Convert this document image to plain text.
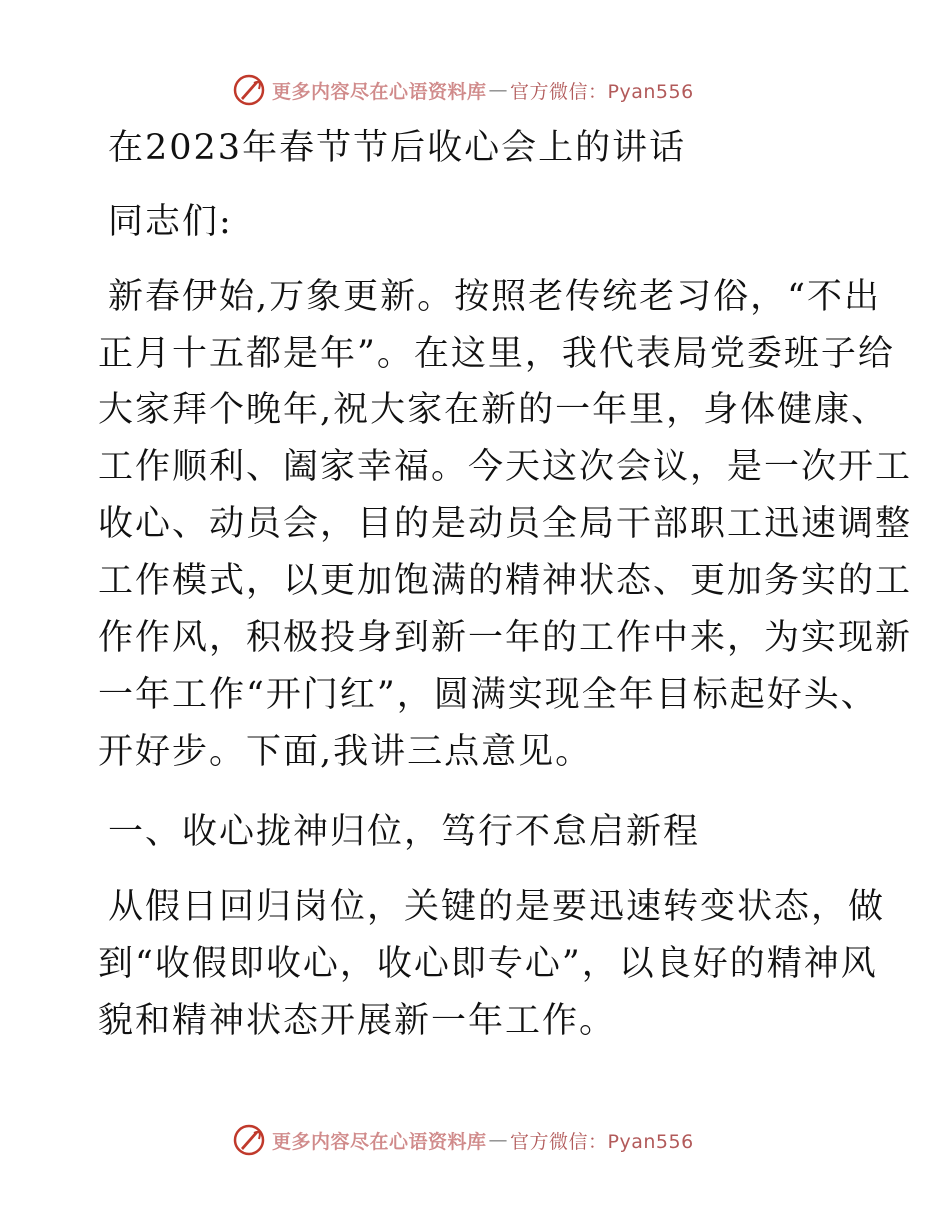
更多内容尽在心语资料库 — 官方微信：Pyan556
在2023年春节节后收心会上的讲话
同志们:
新春伊始,万象更新。按照老传统老习俗，“不出
正月十五都是年”。在这里，我代表局党委班子给
大家拜个晚年,祝大家在新的一年里，身体健康、
工作顺利、阖家幸福。今天这次会议，是一次开工
收心、动员会，目的是动员全局干部职工迅速调整
工作模式，以更加饱满的精神状态、更加务实的工
作作风，积极投身到新一年的工作中来，为实现新
一年工作“开门红”，圆满实现全年目标起好头、
开好步。下面,我讲三点意见。
一、收心拢神归位，笃行不怠启新程
从假日回归岗位，关键的是要迅速转变状态，做
到“收假即收心，收心即专心”，以良好的精神风
貌和精神状态开展新一年工作。
更多内容尽在心语资料库 — 官方微信：Pyan556
